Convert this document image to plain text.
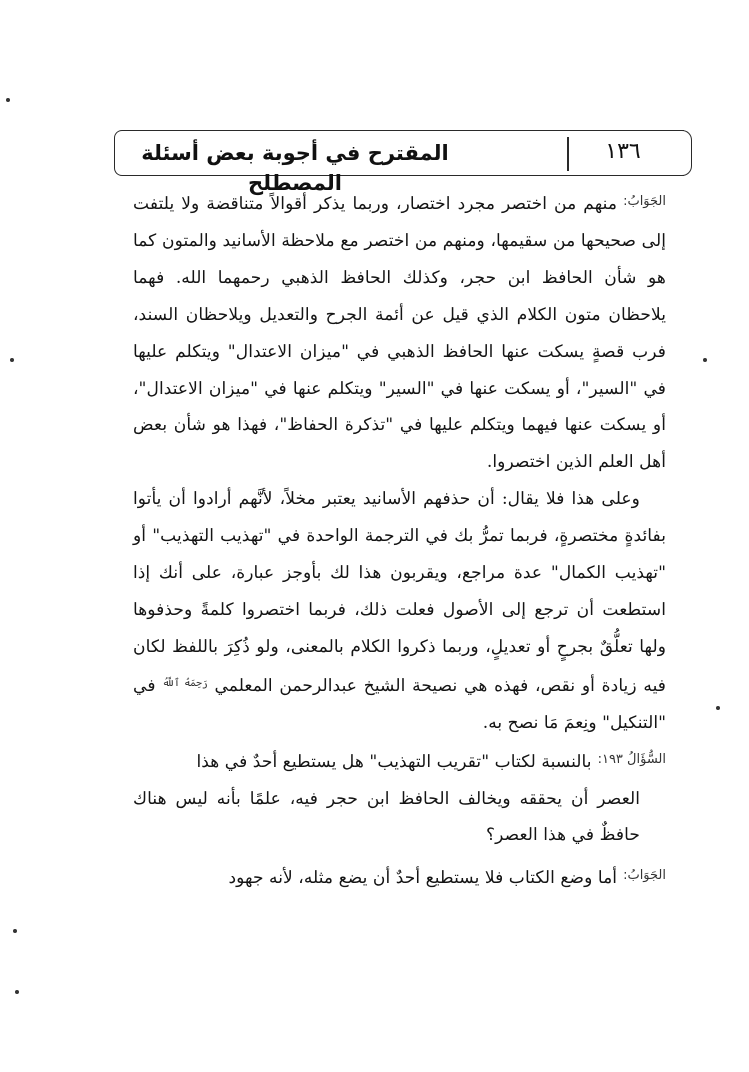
المقترح في أجوبة بعض أسئلة المصطلح
١٣٦

$^{الجَوَابُ:}$منهم من اختصر مجرد اختصار، وربما يذكر أقوالاً متناقضة ولا يلتفت إلى صحيحها من سقيمها، ومنهم من اختصر مع ملاحظة الأسانيد والمتون كما هو شأن الحافظ ابن حجر، وكذلك الحافظ الذهبي رحمهما الله. فهما يلاحظان متون الكلام الذي قيل عن أئمة الجرح والتعديل ويلاحظان السند، فرب قصةٍ يسكت عنها الحافظ الذهبي في "ميزان الاعتدال" ويتكلم عليها في "السير"، أو يسكت عنها في "السير" ويتكلم عنها في "ميزان الاعتدال"، أو يسكت عنها فيهما ويتكلم عليها في "تذكرة الحفاظ"، فهذا هو شأن بعض أهل العلم الذين اختصروا.

وعلى هذا فلا يقال: أن حذفهم الأسانيد يعتبر مخلاً، لأنَّهم أرادوا أن يأتوا بفائدةٍ مختصرةٍ، فربما تمرُّ بك في الترجمة الواحدة في "تهذيب التهذيب" أو "تهذيب الكمال" عدة مراجع، ويقربون هذا لك بأوجز عبارة، على أنك إذا استطعت أن ترجع إلى الأصول فعلت ذلك، فربما اختصروا كلمةً وحذفوها ولها تعلُّقٌ بجرحٍ أو تعديلٍ، وربما ذكروا الكلام بالمعنى، ولو ذُكِرَ باللفظ لكان فيه زيادة أو نقص، فهذه هي نصيحة الشيخ عبدالرحمن المعلمي $^{رَحِمَهُ ٱللَّهُ}$ في "التنكيل" ونِعمَ مَا نصح به.

$^{السُّؤَالُ ١٩٣:}$بالنسبة لكتاب "تقريب التهذيب" هل يستطيع أحدٌ في هذا

العصر أن يحققه ويخالف الحافظ ابن حجر فيه، علمًا بأنه ليس هناك حافظٌ في هذا العصر؟

$^{الجَوَابُ:}$أما وضع الكتاب فلا يستطيع أحدٌ أن يضع مثله، لأنه جهود
